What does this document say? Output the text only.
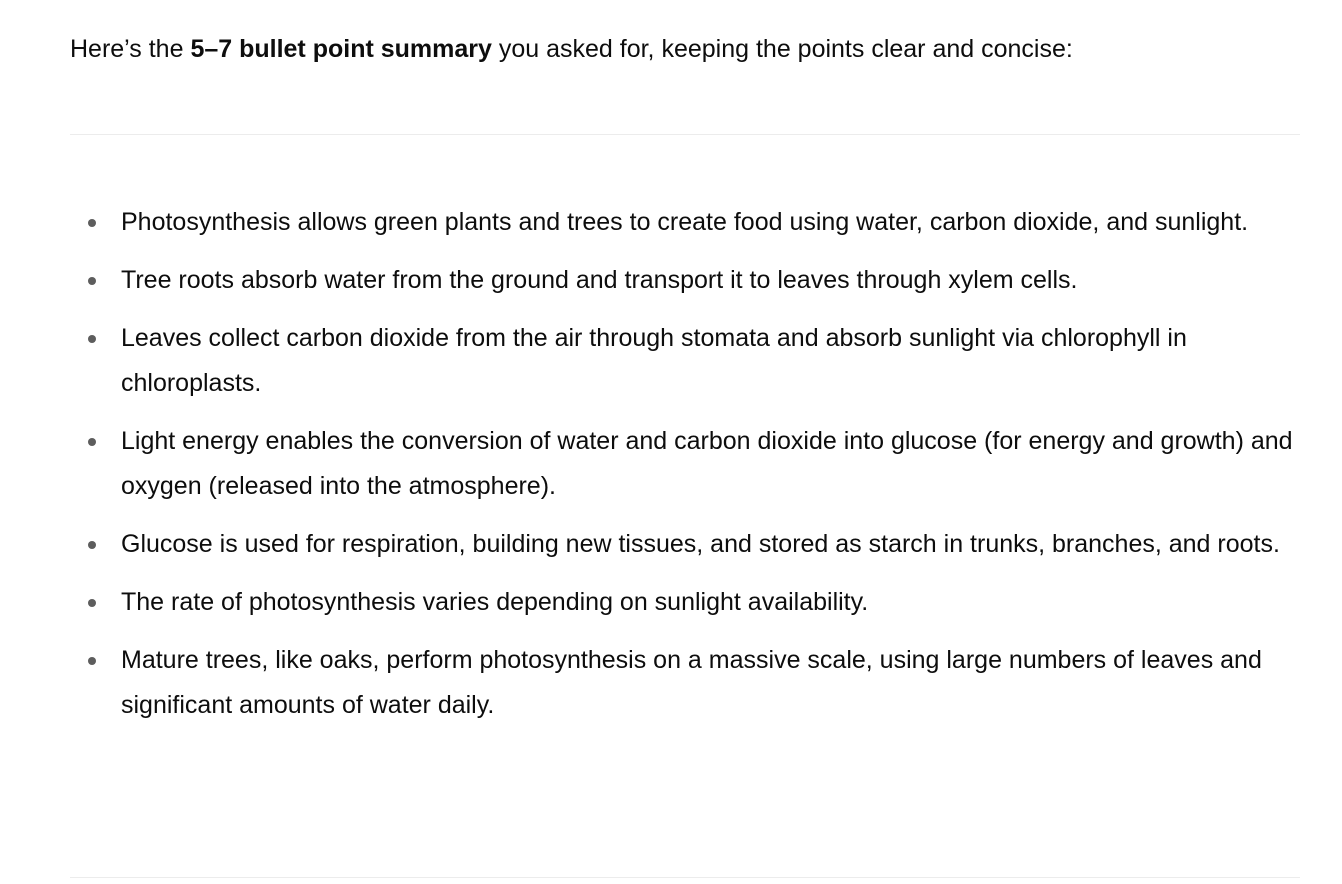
Here’s the 5–7 bullet point summary you asked for, keeping the points clear and concise:

Photosynthesis allows green plants and trees to create food using water, carbon dioxide, and sunlight.
Tree roots absorb water from the ground and transport it to leaves through xylem cells.
Leaves collect carbon dioxide from the air through stomata and absorb sunlight via chlorophyll in chloroplasts.
Light energy enables the conversion of water and carbon dioxide into glucose (for energy and growth) and oxygen (released into the atmosphere).
Glucose is used for respiration, building new tissues, and stored as starch in trunks, branches, and roots.
The rate of photosynthesis varies depending on sunlight availability.
Mature trees, like oaks, perform photosynthesis on a massive scale, using large numbers of leaves and significant amounts of water daily.
